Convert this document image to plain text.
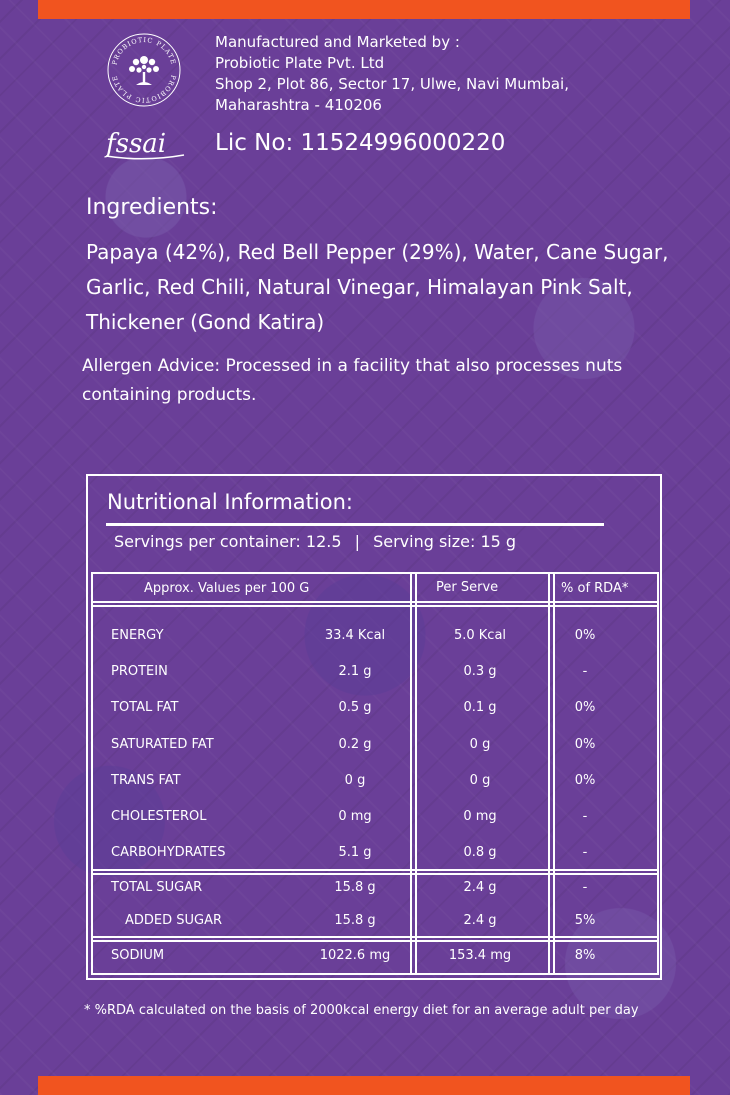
PROBIOTIC PLATE
PROBIOTIC PLATE
fssai
Manufactured and Marketed by :
Probiotic Plate Pvt. Ltd
Shop 2, Plot 86, Sector 17, Ulwe, Navi Mumbai,
Maharashtra - 410206
Lic No: 11524996000220
Ingredients:
Papaya (42%), Red Bell Pepper (29%), Water, Cane Sugar, Garlic, Red Chili, Natural Vinegar, Himalayan Pink Salt, Thickener (Gond Katira)
Allergen Advice: Processed in a facility that also processes nuts containing products.
Nutritional Information:
Servings per container: 12.5 | Serving size: 15 g
Approx. Values per 100 G	Per Serve	% of RDA*
ENERGY	33.4 Kcal	5.0 Kcal	0%
PROTEIN	2.1 g	0.3 g	-
TOTAL FAT	0.5 g	0.1 g	0%
SATURATED FAT	0.2 g	0 g	0%
TRANS FAT	0 g	0 g	0%
CHOLESTEROL	0 mg	0 mg	-
CARBOHYDRATES	5.1 g	0.8 g	-
TOTAL SUGAR	15.8 g	2.4 g	-
ADDED SUGAR	15.8 g	2.4 g	5%
SODIUM	1022.6 mg	153.4 mg	8%
* %RDA calculated on the basis of 2000kcal energy diet for an average adult per day
